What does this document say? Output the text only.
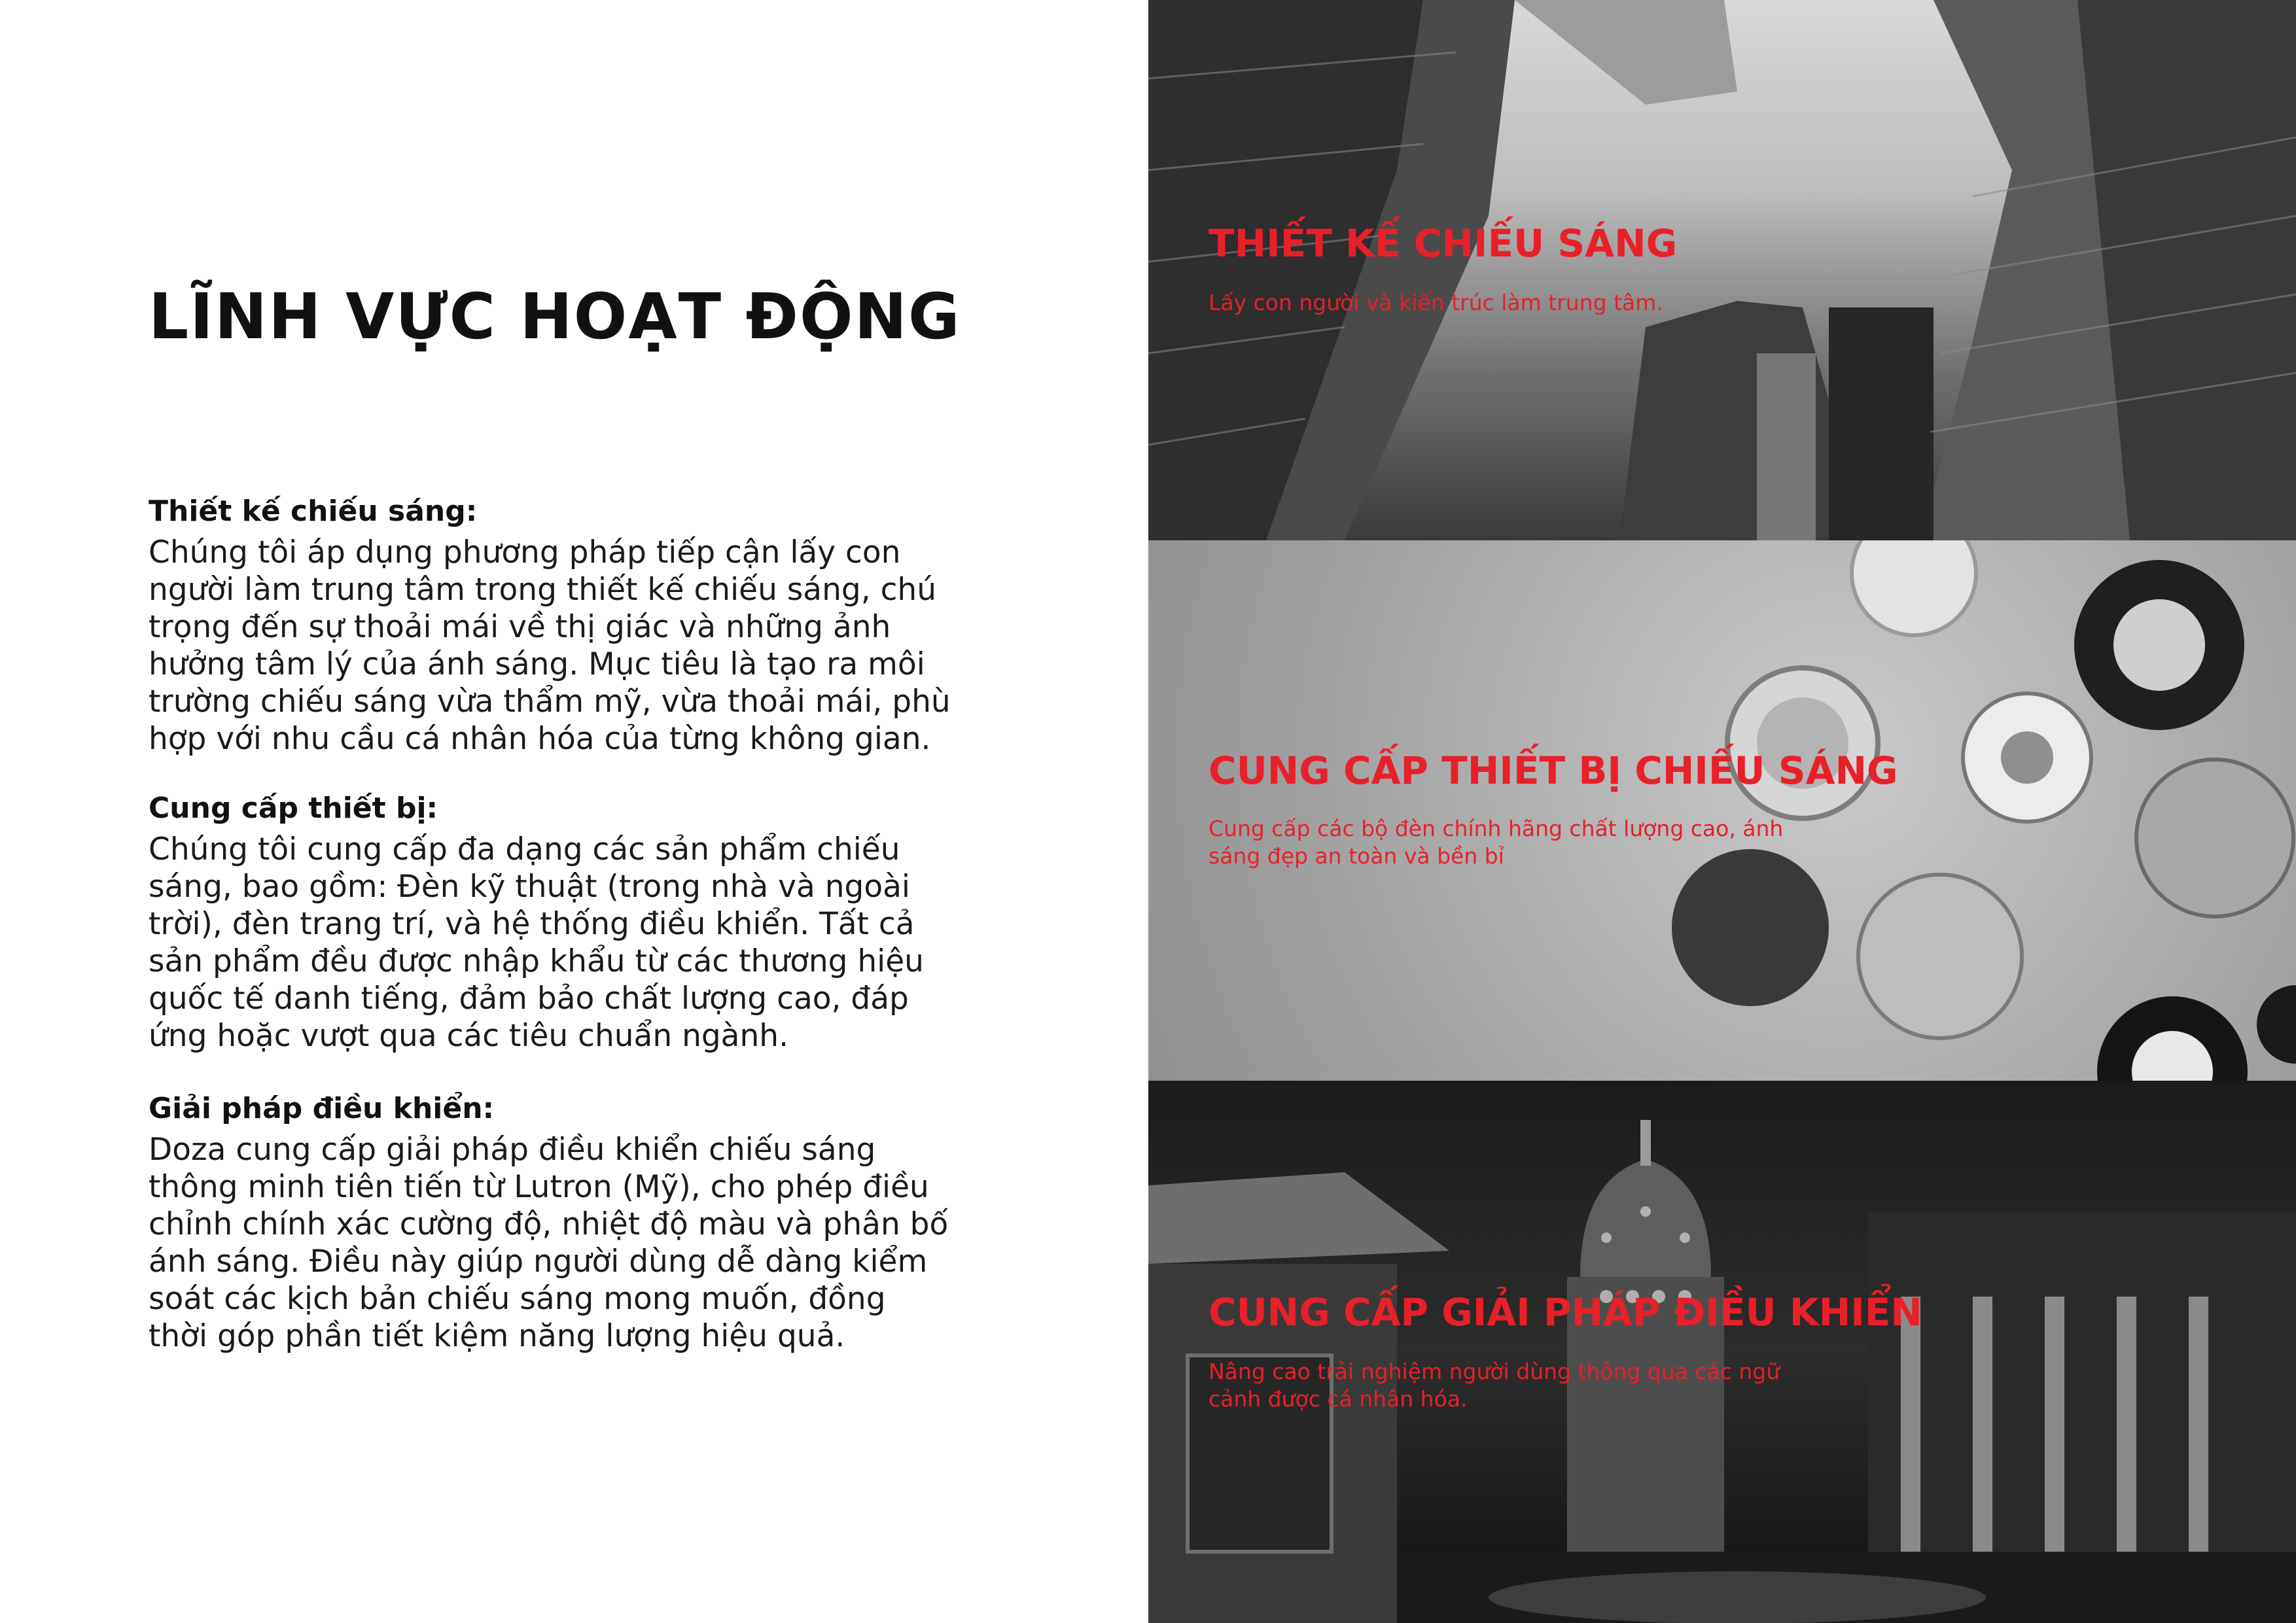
LĨNH VỰC HOẠT ĐỘNG

Thiết kế chiếu sáng:

Chúng tôi áp dụng phương pháp tiếp cận lấy con người làm trung tâm trong thiết kế chiếu sáng, chú trọng đến sự thoải mái về thị giác và những ảnh hưởng tâm lý của ánh sáng. Mục tiêu là tạo ra môi trường chiếu sáng vừa thẩm mỹ, vừa thoải mái, phù hợp với nhu cầu cá nhân hóa của từng không gian.

Cung cấp thiết bị:

Chúng tôi cung cấp đa dạng các sản phẩm chiếu sáng, bao gồm: Đèn kỹ thuật (trong nhà và ngoài trời), đèn trang trí, và hệ thống điều khiển. Tất cả sản phẩm đều được nhập khẩu từ các thương hiệu quốc tế danh tiếng, đảm bảo chất lượng cao, đáp ứng hoặc vượt qua các tiêu chuẩn ngành.

Giải pháp điều khiển:

Doza cung cấp giải pháp điều khiển chiếu sáng thông minh tiên tiến từ Lutron (Mỹ), cho phép điều chỉnh chính xác cường độ, nhiệt độ màu và phân bố ánh sáng. Điều này giúp người dùng dễ dàng kiểm soát các kịch bản chiếu sáng mong muốn, đồng thời góp phần tiết kiệm năng lượng hiệu quả.

THIẾT KẾ CHIẾU SÁNG

Lấy con người và kiến trúc làm trung tâm.

CUNG CẤP THIẾT BỊ CHIẾU SÁNG

Cung cấp các bộ đèn chính hãng chất lượng cao, ánh sáng đẹp an toàn và bền bỉ

CUNG CẤP GIẢI PHÁP ĐIỀU KHIỂN

Nâng cao trải nghiệm người dùng thông qua các ngữ cảnh được cá nhân hóa.
